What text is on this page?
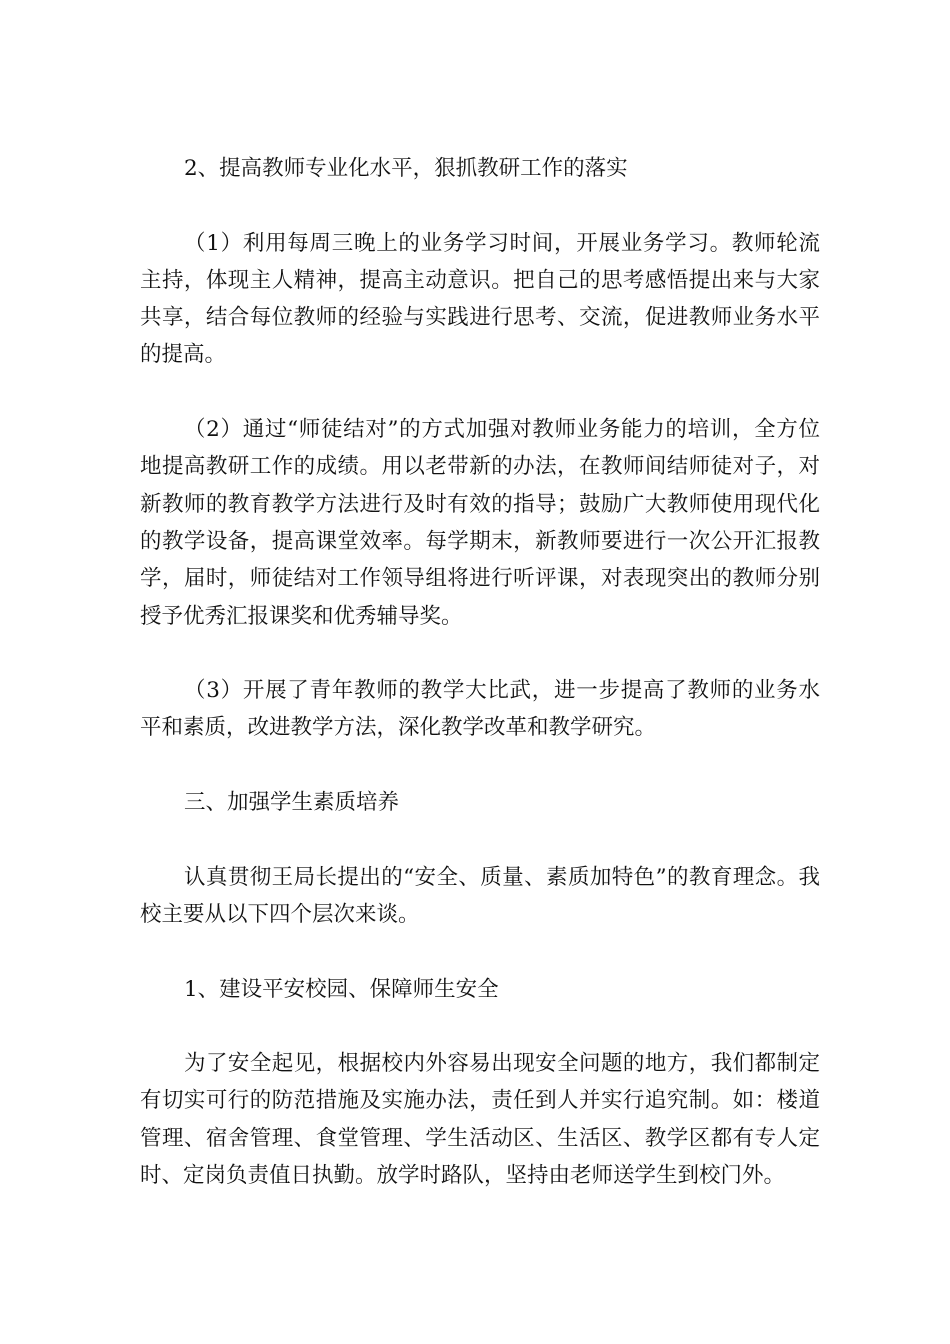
2、提高教师专业化水平，狠抓教研工作的落实

（1）利用每周三晚上的业务学习时间，开展业务学习。教师轮流主持，体现主人精神，提高主动意识。把自己的思考感悟提出来与大家共享，结合每位教师的经验与实践进行思考、交流，促进教师业务水平的提高。

（2）通过“师徒结对”的方式加强对教师业务能力的培训，全方位地提高教研工作的成绩。用以老带新的办法，在教师间结师徒对子，对新教师的教育教学方法进行及时有效的指导；鼓励广大教师使用现代化的教学设备，提高课堂效率。每学期末，新教师要进行一次公开汇报教学，届时，师徒结对工作领导组将进行听评课，对表现突出的教师分别授予优秀汇报课奖和优秀辅导奖。

（3）开展了青年教师的教学大比武，进一步提高了教师的业务水平和素质，改进教学方法，深化教学改革和教学研究。

三、加强学生素质培养

认真贯彻王局长提出的“安全、质量、素质加特色”的教育理念。我校主要从以下四个层次来谈。

1、建设平安校园、保障师生安全

为了安全起见，根据校内外容易出现安全问题的地方，我们都制定有切实可行的防范措施及实施办法，责任到人并实行追究制。如：楼道管理、宿舍管理、食堂管理、学生活动区、生活区、教学区都有专人定时、定岗负责值日执勤。放学时路队，坚持由老师送学生到校门外。
